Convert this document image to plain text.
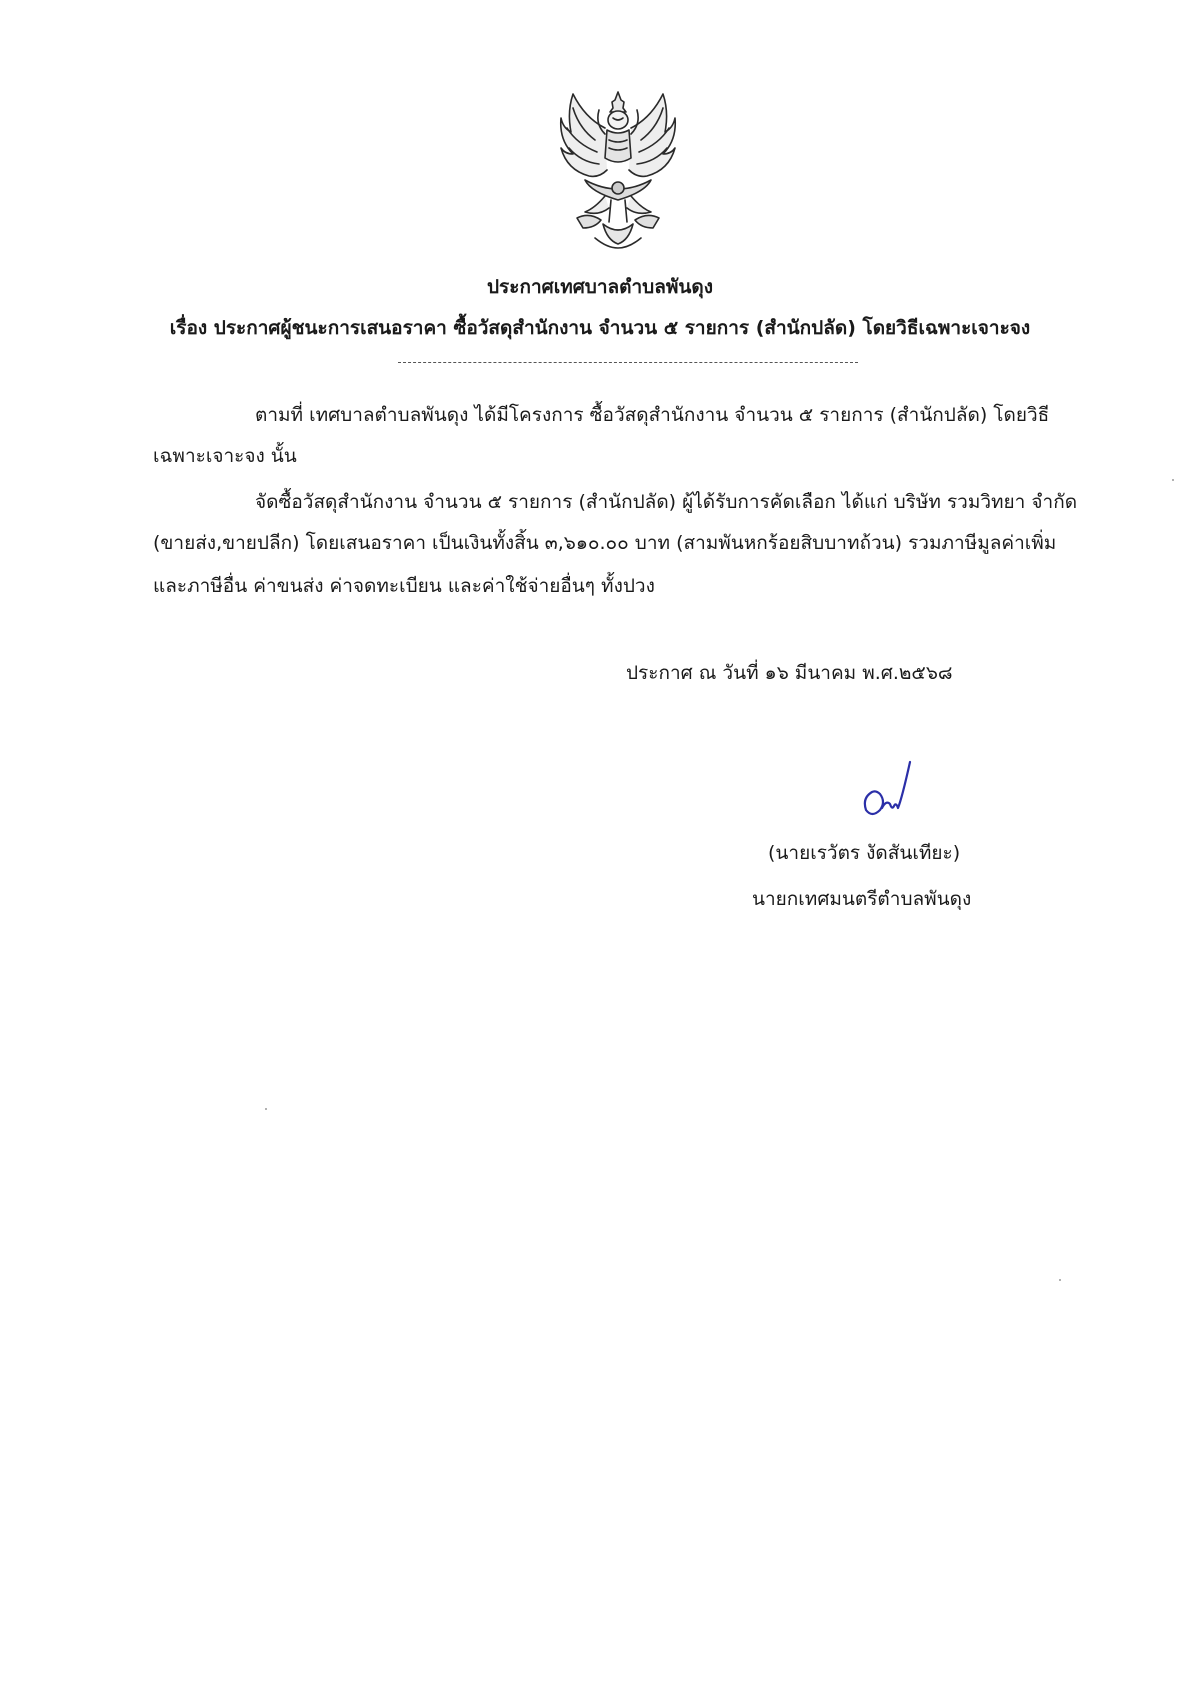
ประกาศเทศบาลตำบลพันดุง
เรื่อง ประกาศผู้ชนะการเสนอราคา ซื้อวัสดุสำนักงาน จำนวน ๕ รายการ (สำนักปลัด) โดยวิธีเฉพาะเจาะจง
ตามที่ เทศบาลตำบลพันดุง ได้มีโครงการ ซื้อวัสดุสำนักงาน จำนวน ๕ รายการ (สำนักปลัด) โดยวิธี
เฉพาะเจาะจง นั้น
จัดซื้อวัสดุสำนักงาน จำนวน ๕ รายการ (สำนักปลัด) ผู้ได้รับการคัดเลือก ได้แก่ บริษัท รวมวิทยา จำกัด
(ขายส่ง,ขายปลีก) โดยเสนอราคา เป็นเงินทั้งสิ้น ๓,๖๑๐.๐๐ บาท (สามพันหกร้อยสิบบาทถ้วน) รวมภาษีมูลค่าเพิ่ม
และภาษีอื่น ค่าขนส่ง ค่าจดทะเบียน และค่าใช้จ่ายอื่นๆ ทั้งปวง
ประกาศ ณ วันที่ ๑๖ มีนาคม พ.ศ.๒๕๖๘
(นายเรวัตร งัดสันเทียะ)
นายกเทศมนตรีตำบลพันดุง
